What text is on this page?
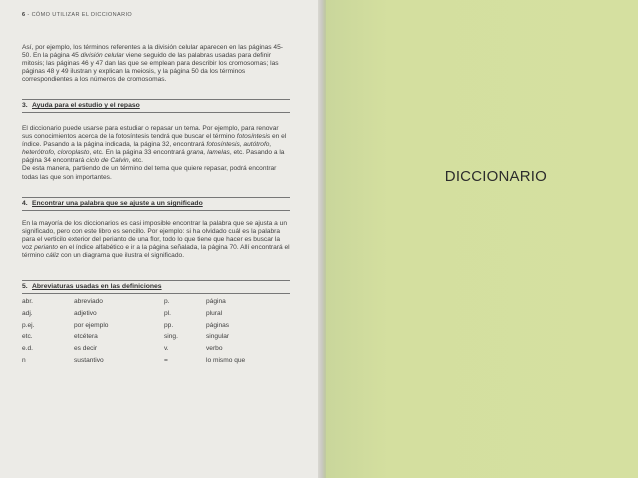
6 - CÓMO UTILIZAR EL DICCIONARIO
Así, por ejemplo, los términos referentes a la división celular aparecen en las páginas 45-50. En la página 45 división celular viene seguido de las palabras usadas para definir mitosis; las páginas 46 y 47 dan las que se emplean para describir los cromosomas; las páginas 48 y 49 ilustran y explican la meiosis, y la página 50 da los términos correspondientes a los números de cromosomas.
3. Ayuda para el estudio y el repaso
El diccionario puede usarse para estudiar o repasar un tema. Por ejemplo, para renovar sus conocimientos acerca de la fotosíntesis tendrá que buscar el término fotosíntesis en el índice. Pasando a la página indicada, la página 32, encontrará fotosíntesis, autótrofo, heterótrofo, cloroplasto, etc. En la página 33 encontrará grana, lamelas, etc. Pasando a la página 34 encontrará ciclo de Calvin, etc.
De esta manera, partiendo de un término del tema que quiere repasar, podrá encontrar todas las que son importantes.
4. Encontrar una palabra que se ajuste a un significado
En la mayoría de los diccionarios es casi imposible encontrar la palabra que se ajusta a un significado, pero con este libro es sencillo. Por ejemplo: si ha olvidado cuál es la palabra para el verticilo exterior del perianto de una flor, todo lo que tiene que hacer es buscar la voz perianto en el índice alfabético e ir a la página señalada, la página 70. Allí encontrará el término cáliz con un diagrama que ilustra el significado.
5. Abreviaturas usadas en las definiciones
abr.	abreviado	p.	página
adj.	adjetivo	pl.	plural
p.ej.	por ejemplo	pp.	páginas
etc.	etcétera	sing.	singular
e.d.	es decir	v.	verbo
n	sustantivo	=	lo mismo que
DICCIONARIO
